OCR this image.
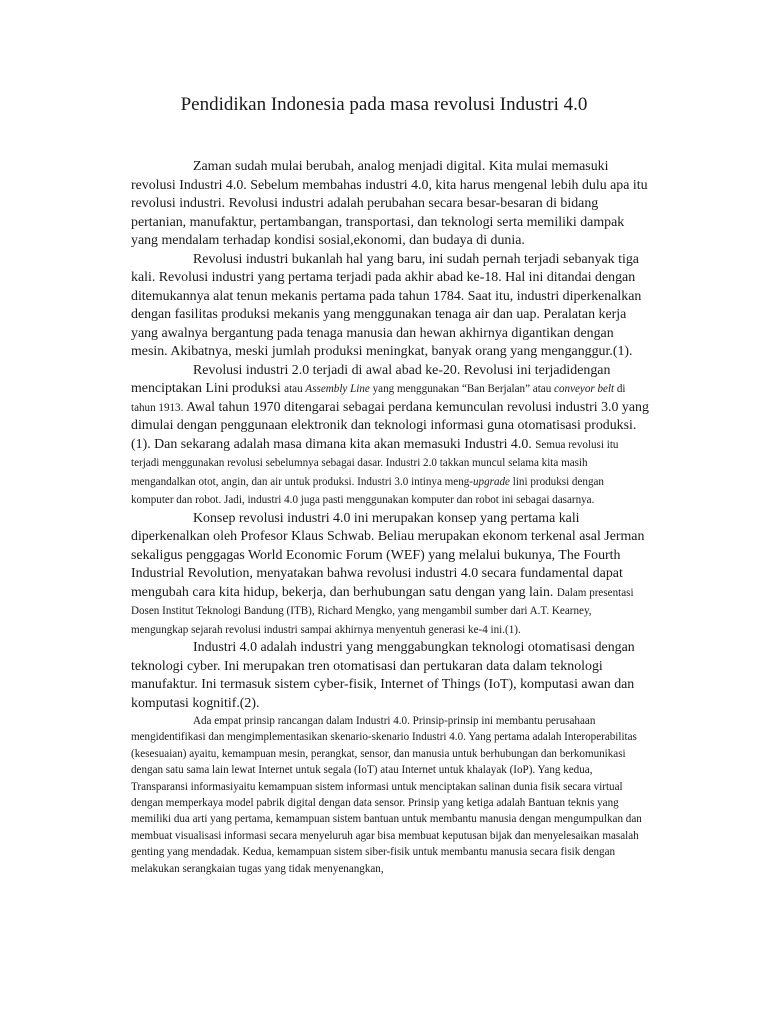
Pendidikan Indonesia pada masa revolusi Industri 4.0

Zaman sudah mulai berubah, analog menjadi digital. Kita mulai memasuki revolusi Industri 4.0. Sebelum membahas industri 4.0, kita harus mengenal lebih dulu apa itu revolusi industri. Revolusi industri adalah perubahan secara besar-besaran di bidang pertanian, manufaktur, pertambangan, transportasi, dan teknologi serta memiliki dampak yang mendalam terhadap kondisi sosial,ekonomi, dan budaya di dunia.

Revolusi industri bukanlah hal yang baru, ini sudah pernah terjadi sebanyak tiga kali. Revolusi industri yang pertama terjadi pada akhir abad ke-18. Hal ini ditandai dengan ditemukannya alat tenun mekanis pertama pada tahun 1784. Saat itu, industri diperkenalkan dengan fasilitas produksi mekanis yang menggunakan tenaga air dan uap. Peralatan kerja yang awalnya bergantung pada tenaga manusia dan hewan akhirnya digantikan dengan mesin. Akibatnya, meski jumlah produksi meningkat, banyak orang yang menganggur.(1).

Revolusi industri 2.0 terjadi di awal abad ke-20. Revolusi ini terjadidengan menciptakan Lini produksi atau Assembly Line yang menggunakan “Ban Berjalan” atau conveyor belt di tahun 1913. Awal tahun 1970 ditengarai sebagai perdana kemunculan revolusi industri 3.0 yang dimulai dengan penggunaan elektronik dan teknologi informasi guna otomatisasi produksi.(1). Dan sekarang adalah masa dimana kita akan memasuki Industri 4.0. Semua revolusi itu terjadi menggunakan revolusi sebelumnya sebagai dasar. Industri 2.0 takkan muncul selama kita masih mengandalkan otot, angin, dan air untuk produksi. Industri 3.0 intinya meng-upgrade lini produksi dengan komputer dan robot. Jadi, industri 4.0 juga pasti menggunakan komputer dan robot ini sebagai dasarnya.

Konsep revolusi industri 4.0 ini merupakan konsep yang pertama kali diperkenalkan oleh Profesor Klaus Schwab. Beliau merupakan ekonom terkenal asal Jerman sekaligus penggagas World Economic Forum (WEF) yang melalui bukunya, The Fourth Industrial Revolution, menyatakan bahwa revolusi industri 4.0 secara fundamental dapat mengubah cara kita hidup, bekerja, dan berhubungan satu dengan yang lain. Dalam presentasi Dosen Institut Teknologi Bandung (ITB), Richard Mengko, yang mengambil sumber dari A.T. Kearney, mengungkap sejarah revolusi industri sampai akhirnya menyentuh generasi ke-4 ini.(1).

Industri 4.0 adalah industri yang menggabungkan teknologi otomatisasi dengan teknologi cyber. Ini merupakan tren otomatisasi dan pertukaran data dalam teknologi manufaktur. Ini termasuk sistem cyber-fisik, Internet of Things (IoT), komputasi awan dan komputasi kognitif.(2).

Ada empat prinsip rancangan dalam Industri 4.0. Prinsip-prinsip ini membantu perusahaan mengidentifikasi dan mengimplementasikan skenario-skenario Industri 4.0. Yang pertama adalah Interoperabilitas (kesesuaian) ayaitu, kemampuan mesin, perangkat, sensor, dan manusia untuk berhubungan dan berkomunikasi dengan satu sama lain lewat Internet untuk segala (IoT) atau Internet untuk khalayak (IoP). Yang kedua, Transparansi informasiyaitu kemampuan sistem informasi untuk menciptakan salinan dunia fisik secara virtual dengan memperkaya model pabrik digital dengan data sensor. Prinsip yang ketiga adalah Bantuan teknis yang memiliki dua arti yang pertama, kemampuan sistem bantuan untuk membantu manusia dengan mengumpulkan dan membuat visualisasi informasi secara menyeluruh agar bisa membuat keputusan bijak dan menyelesaikan masalah genting yang mendadak. Kedua, kemampuan sistem siber-fisik untuk membantu manusia secara fisik dengan melakukan serangkaian tugas yang tidak menyenangkan,
